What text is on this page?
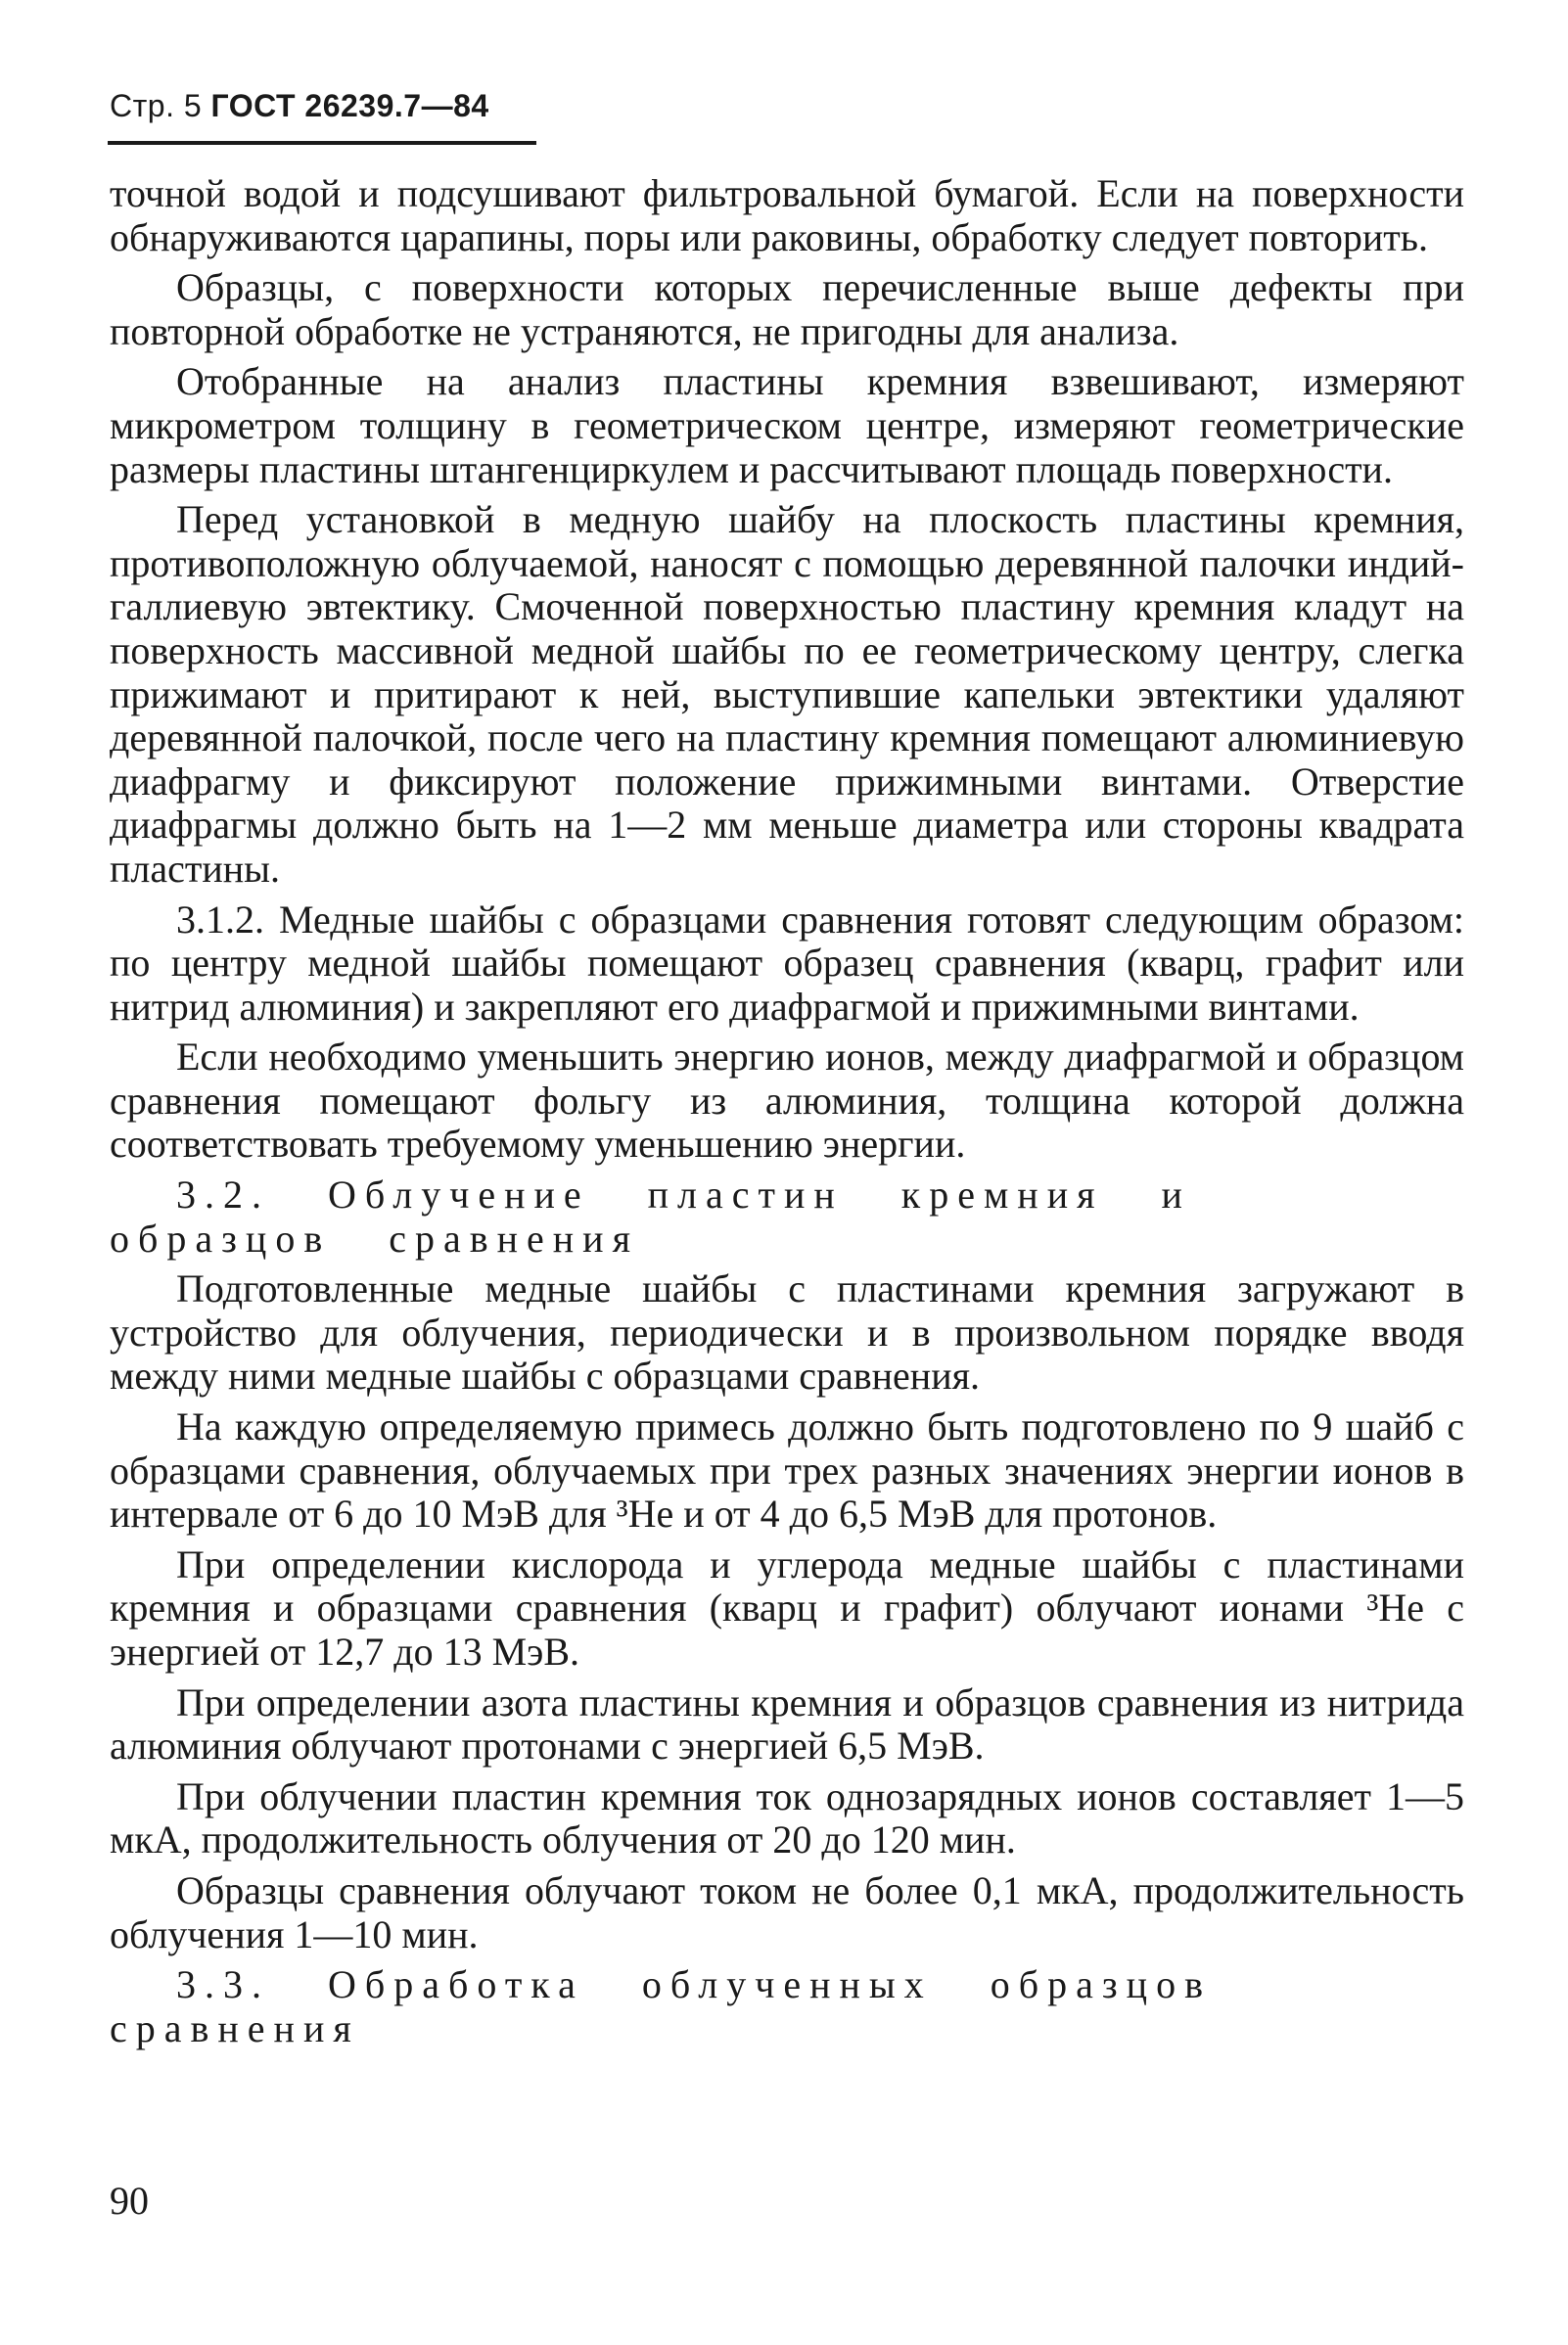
Стр. 5 ГОСТ 26239.7—84

точной водой и подсушивают фильтровальной бумагой. Если на поверхности обнаруживаются царапины, поры или раковины, обработку следует повторить.

Образцы, с поверхности которых перечисленные выше дефекты при повторной обработке не устраняются, не пригодны для анализа.

Отобранные на анализ пластины кремния взвешивают, измеряют микрометром толщину в геометрическом центре, измеряют геометрические размеры пластины штангенциркулем и рассчитывают площадь поверхности.

Перед установкой в медную шайбу на плоскость пластины кремния, противоположную облучаемой, наносят с помощью деревянной палочки индий-галлиевую эвтектику. Смоченной поверхностью пластину кремния кладут на поверхность массивной медной шайбы по ее геометрическому центру, слегка прижимают и притирают к ней, выступившие капельки эвтектики удаляют деревянной палочкой, после чего на пластину кремния помещают алюминиевую диафрагму и фиксируют положение прижимными винтами. Отверстие диафрагмы должно быть на 1—2 мм меньше диаметра или стороны квадрата пластины.

3.1.2. Медные шайбы с образцами сравнения готовят следующим образом: по центру медной шайбы помещают образец сравнения (кварц, графит или нитрид алюминия) и закрепляют его диафрагмой и прижимными винтами.

Если необходимо уменьшить энергию ионов, между диафрагмой и образцом сравнения помещают фольгу из алюминия, толщина которой должна соответствовать требуемому уменьшению энергии.

3.2. Облучение пластин кремния и образцов сравнения

Подготовленные медные шайбы с пластинами кремния загружают в устройство для облучения, периодически и в произвольном порядке вводя между ними медные шайбы с образцами сравнения.

На каждую определяемую примесь должно быть подготовлено по 9 шайб с образцами сравнения, облучаемых при трех разных значениях энергии ионов в интервале от 6 до 10 МэВ для ³He и от 4 до 6,5 МэВ для протонов.

При определении кислорода и углерода медные шайбы с пластинами кремния и образцами сравнения (кварц и графит) облучают ионами ³He с энергией от 12,7 до 13 МэВ.

При определении азота пластины кремния и образцов сравнения из нитрида алюминия облучают протонами с энергией 6,5 МэВ.

При облучении пластин кремния ток однозарядных ионов составляет 1—5 мкА, продолжительность облучения от 20 до 120 мин.

Образцы сравнения облучают током не более 0,1 мкА, продолжительность облучения 1—10 мин.

3.3. Обработка облученных образцов сравнения

90
